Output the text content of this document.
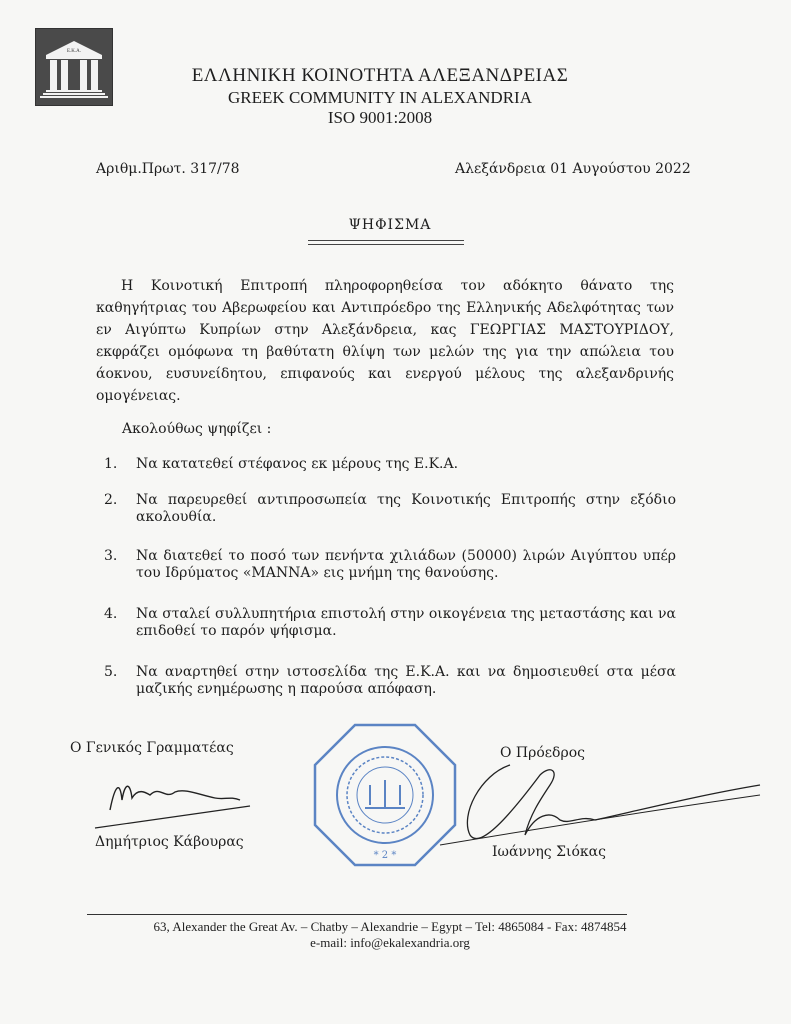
Ε.Κ.Α.
ΕΛΛΗΝΙΚΗ ΚΟΙΝΟΤΗΤΑ ΑΛΕΞΑΝΔΡΕΙΑΣ
GREEK COMMUNITY IN ALEXANDRIA
ISO 9001:2008
Αριθμ.Πρωτ. 317/78	Αλεξάνδρεια 01 Αυγούστου 2022
ΨΗΦΙΣΜΑ
Η Κοινοτική Επιτροπή πληροφορηθείσα τον αδόκητο θάνατο της καθηγήτριας του Αβερωφείου και Αντιπρόεδρο της Ελληνικής Αδελφότητας των εν Αιγύπτω Κυπρίων στην Αλεξάνδρεια, κας ΓΕΩΡΓΙΑΣ ΜΑΣΤΟΥΡΙΔΟΥ, εκφράζει ομόφωνα τη βαθύτατη θλίψη των μελών της για την απώλεια του άοκνου, ευσυνείδητου, επιφανούς και ενεργού μέλους της αλεξανδρινής ομογένειας.
Ακολούθως ψηφίζει :
1. Να κατατεθεί στέφανος εκ μέρους της Ε.Κ.Α.
2. Να παρευρεθεί αντιπροσωπεία της Κοινοτικής Επιτροπής στην εξόδιο ακολουθία.
3. Να διατεθεί το ποσό των πενήντα χιλιάδων (50000) λιρών Αιγύπτου υπέρ του Ιδρύματος «MANNA» εις μνήμη της θανούσης.
4. Να σταλεί συλλυπητήρια επιστολή στην οικογένεια της μεταστάσης και να επιδοθεί το παρόν ψήφισμα.
5. Να αναρτηθεί στην ιστοσελίδα της Ε.Κ.Α. και να δημοσιευθεί στα μέσα μαζικής ενημέρωσης η παρούσα απόφαση.
Ο Γενικός Γραμματέας
Δημήτριος Κάβουρας
* 2 *
Ο Πρόεδρος
Ιωάννης Σιόκας
63, Alexander the Great Av. – Chatby – Alexandrie – Egypt – Tel: 4865084 - Fax: 4874854
e-mail: info@ekalexandria.org
